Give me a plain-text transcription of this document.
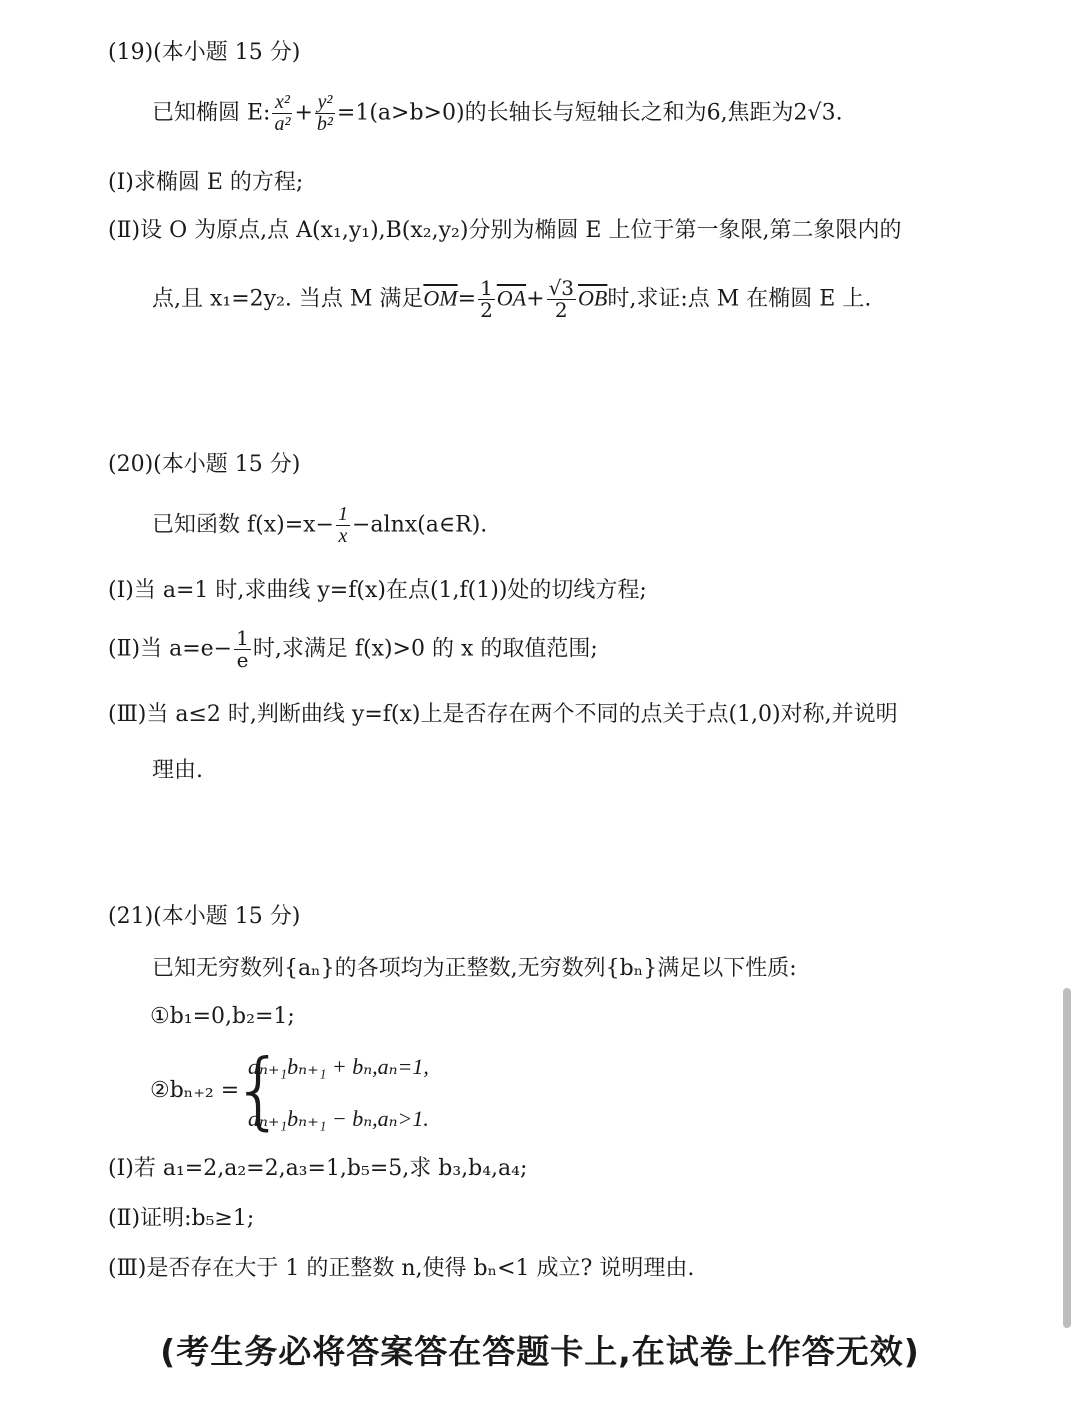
(19)(本小题 15 分)
已知椭圆 E: $\frac{\text{x²}}{\text{a²}} + \frac{\text{y²}}{\text{b²}} =1(a>b>0)$的长轴长与短轴长之和为6,焦距为2√3.
(Ⅰ)求椭圆 E 的方程;
(Ⅱ)设 O 为原点,点 A(x₁,y₁),B(x₂,y₂)分别为椭圆 E 上位于第一象限,第二象限内的
点,且 x₁=2y₂. 当点 M 满足$\overline{OM}= \frac{1}{2} \overline{OA}+ \frac{√3}{2} \overline{OB}$时,求证:点 M 在椭圆 E 上.
(20)(本小题 15 分)
已知函数 $f(x)=x- \frac{1}{x}$ −alnx(a∈R).
(Ⅰ)当 a=1 时,求曲线 y=f(x)在点(1,f(1))处的切线方程;
(Ⅱ)当 $a=e- \frac{1}{e}$ 时,求满足 f(x)>0 的 x 的取值范围;
(Ⅲ)当 a≤2 时,判断曲线 y=f(x)上是否存在两个不同的点关于点(1,0)对称,并说明
理由.
(21)(本小题 15 分)
已知无穷数列{aₙ}的各项均为正整数,无穷数列{bₙ}满足以下性质:
①b₁=0,b₂=1;
②bₙ₊₂ =
{
aₙ₊₁bₙ₊₁ + bₙ,aₙ=1,
aₙ₊₁bₙ₊₁ − bₙ,aₙ>1.
(Ⅰ)若 a₁=2,a₂=2,a₃=1,b₅=5,求 b₃,b₄,a₄;
(Ⅱ)证明:b₅≥1;
(Ⅲ)是否存在大于 1 的正整数 n,使得 bₙ<1 成立? 说明理由.
(考生务必将答案答在答题卡上,在试卷上作答无效)
